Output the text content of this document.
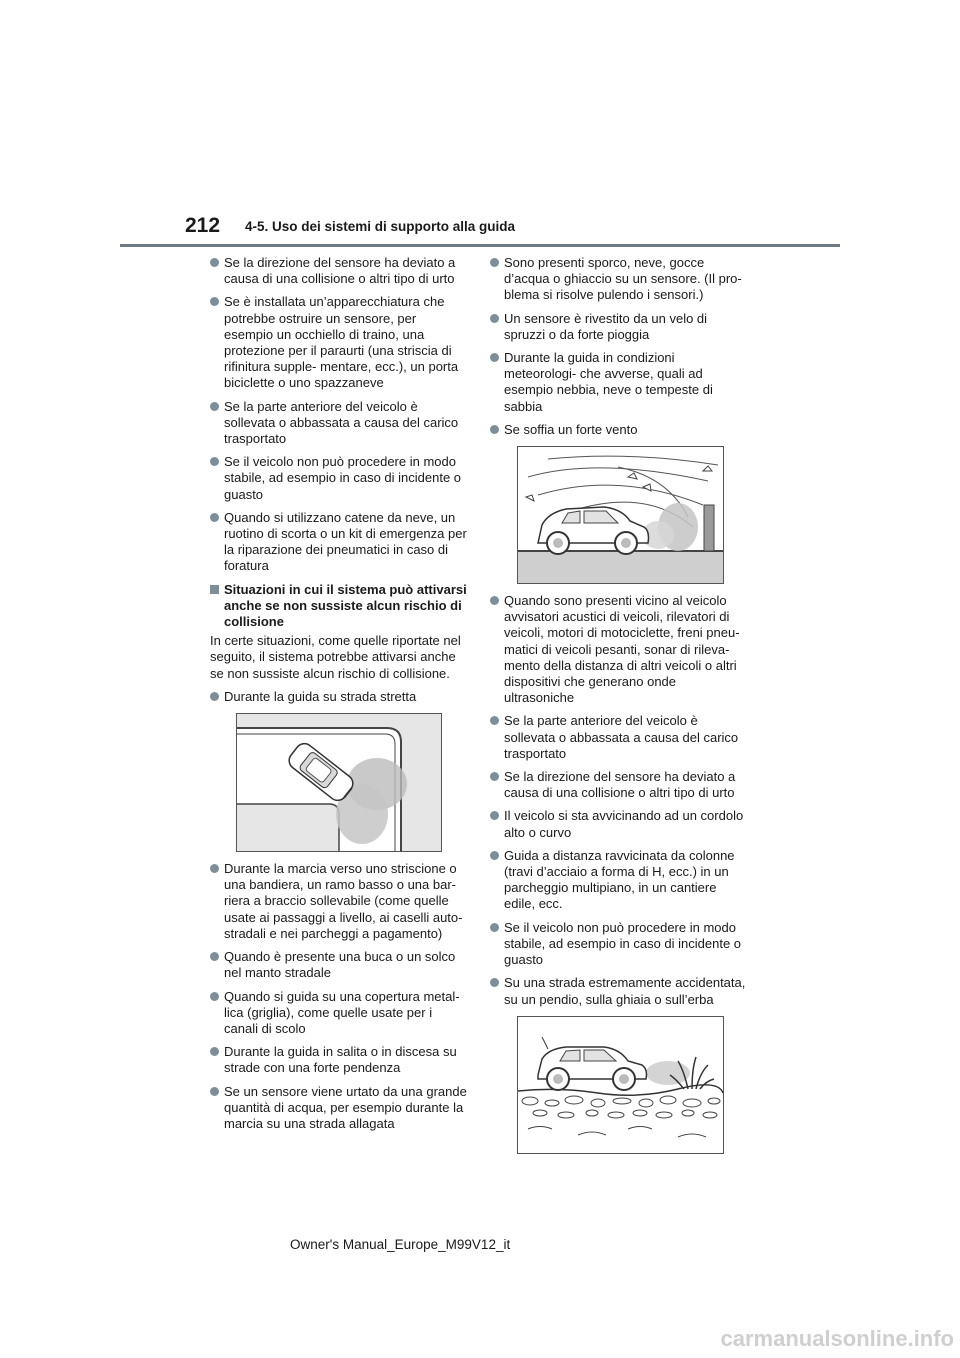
212 4-5. Uso dei sistemi di supporto alla guida
Se la direzione del sensore ha deviato a causa di una collisione o altri tipo di urto
Se è installata un’apparecchiatura che potrebbe ostruire un sensore, per esempio un occhiello di traino, una protezione per il paraurti (una striscia di rifinitura supple- mentare, ecc.), un porta biciclette o uno spazzaneve
Se la parte anteriore del veicolo è sollevata o abbassata a causa del carico trasportato
Se il veicolo non può procedere in modo stabile, ad esempio in caso di incidente o guasto
Quando si utilizzano catene da neve, un ruotino di scorta o un kit di emergenza per la riparazione dei pneumatici in caso di foratura
Situazioni in cui il sistema può attivarsi anche se non sussiste alcun rischio di collisione
In certe situazioni, come quelle riportate nel seguito, il sistema potrebbe attivarsi anche se non sussiste alcun rischio di collisione.
Durante la guida su strada stretta
Durante la marcia verso uno striscione o una bandiera, un ramo basso o una bar- riera a braccio sollevabile (come quelle usate ai passaggi a livello, ai caselli auto- stradali e nei parcheggi a pagamento)
Quando è presente una buca o un solco nel manto stradale
Quando si guida su una copertura metal- lica (griglia), come quelle usate per i canali di scolo
Durante la guida in salita o in discesa su strade con una forte pendenza
Se un sensore viene urtato da una grande quantità di acqua, per esempio durante la marcia su una strada allagata
Sono presenti sporco, neve, gocce d’acqua o ghiaccio su un sensore. (Il pro- blema si risolve pulendo i sensori.)
Un sensore è rivestito da un velo di spruzzi o da forte pioggia
Durante la guida in condizioni meteorologi- che avverse, quali ad esempio nebbia, neve o tempeste di sabbia
Se soffia un forte vento
Quando sono presenti vicino al veicolo avvisatori acustici di veicoli, rilevatori di veicoli, motori di motociclette, freni pneu- matici di veicoli pesanti, sonar di rileva- mento della distanza di altri veicoli o altri dispositivi che generano onde ultrasoniche
Se la parte anteriore del veicolo è sollevata o abbassata a causa del carico trasportato
Se la direzione del sensore ha deviato a causa di una collisione o altri tipo di urto
Il veicolo si sta avvicinando ad un cordolo alto o curvo
Guida a distanza ravvicinata da colonne (travi d’acciaio a forma di H, ecc.) in un parcheggio multipiano, in un cantiere edile, ecc.
Se il veicolo non può procedere in modo stabile, ad esempio in caso di incidente o guasto
Su una strada estremamente accidentata, su un pendio, sulla ghiaia o sull’erba
Owner's Manual_Europe_M99V12_it
carmanualsonline.info
